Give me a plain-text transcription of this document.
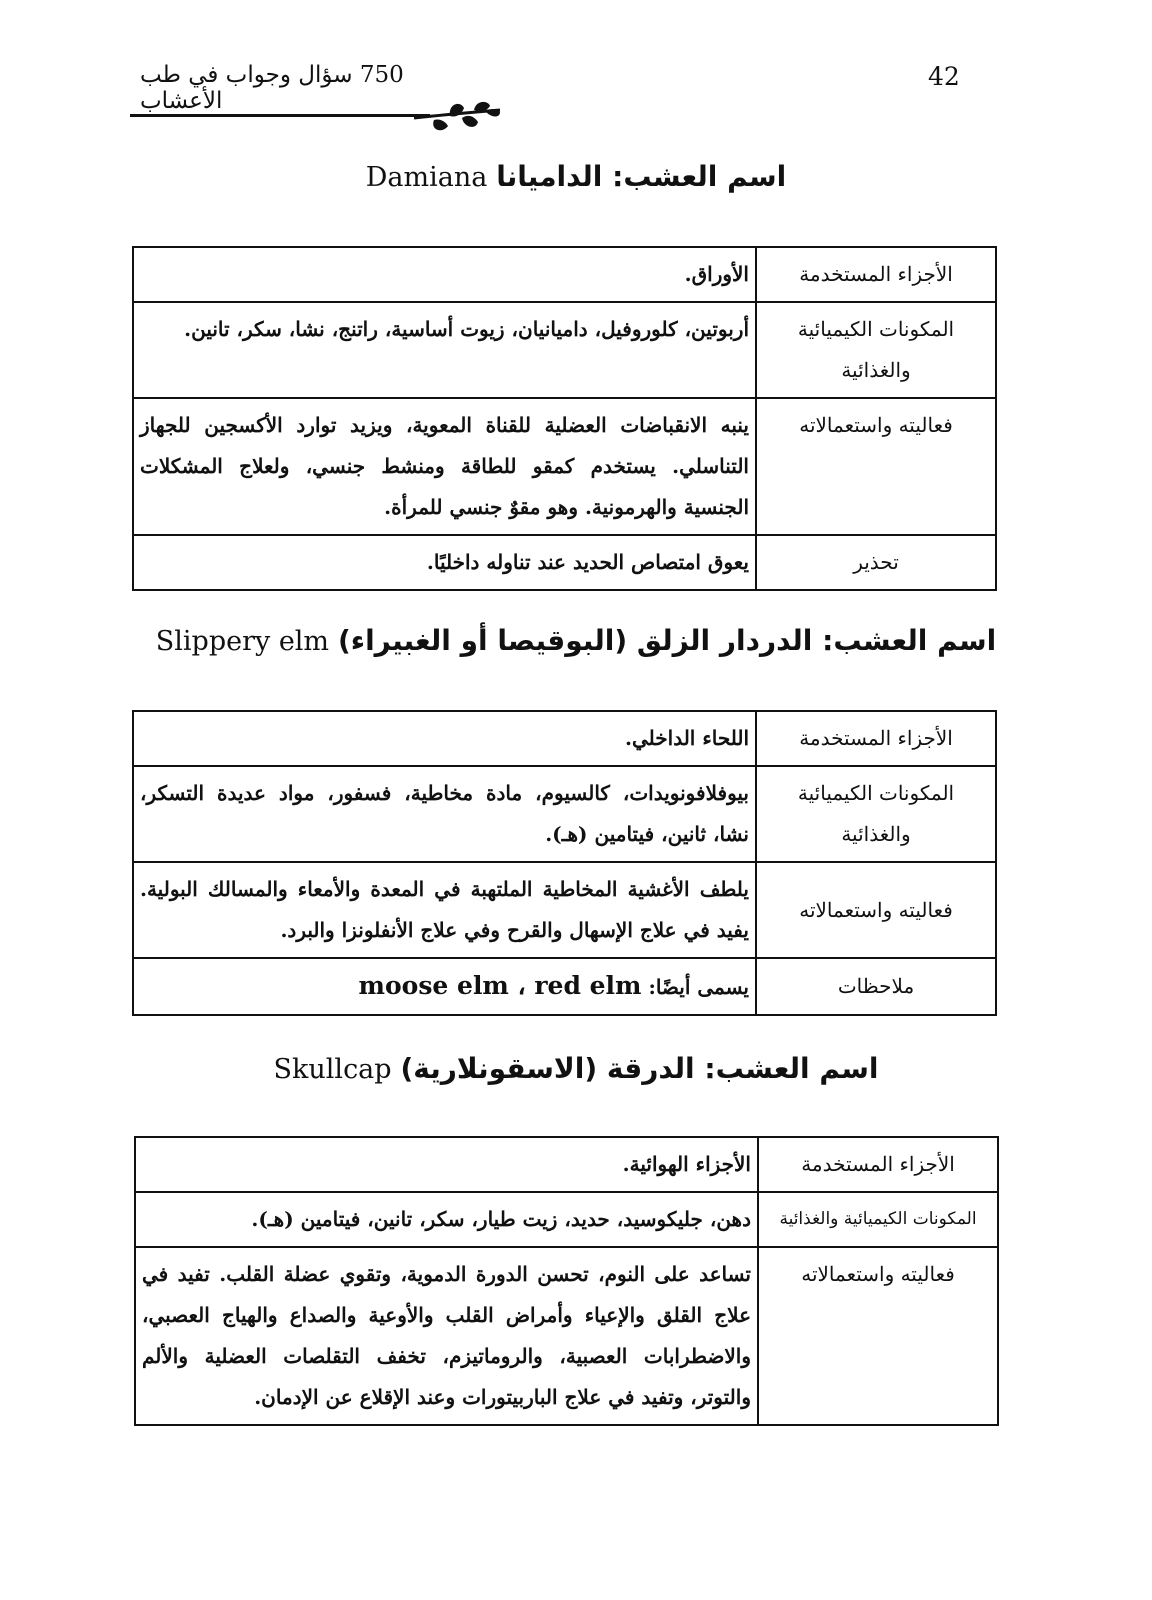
750 سؤال وجواب في طب الأعشاب
42
اسم العشب: الداميانا Damiana
الأجزاء المستخدمة	الأوراق.
المكونات الكيميائية والغذائية	أربوتين، كلوروفيل، دامیانیان، زیوت أساسیة، راتنج، نشا، سکر، تانین.
فعاليته واستعمالاته	ينبه الانقباضات العضلية للقناة المعوية، ويزيد توارد الأكسجين للجهاز التناسلي. يستخدم كمقو للطاقة ومنشط جنسي، ولعلاج المشكلات الجنسية والهرمونية. وهو مقوٌ جنسي للمرأة.
تحذير	يعوق امتصاص الحديد عند تناوله داخليًا.
اسم العشب: الدردار الزلق (البوقيصا أو الغبيراء) Slippery elm
الأجزاء المستخدمة	اللحاء الداخلي.
المكونات الكيميائية والغذائية	بيوفلافونويدات، كالسيوم، مادة مخاطية، فسفور، مواد عديدة التسكر، نشا، ثانين، فيتامين (هـ).
فعاليته واستعمالاته	يلطف الأغشية المخاطية الملتهبة في المعدة والأمعاء والمسالك البولية. يفيد في علاج الإسهال والقرح وفي علاج الأنفلونزا والبرد.
ملاحظات	يسمى أيضًا: moose elm ، red elm
اسم العشب: الدرقة (الاسقونلارية) Skullcap
الأجزاء المستخدمة	الأجزاء الهوائية.
المكونات الكيميائية والغذائية	دهن، جليكوسيد، حديد، زيت طيار، سكر، تانين، فيتامين (هـ).
فعاليته واستعمالاته	تساعد على النوم، تحسن الدورة الدموية، وتقوي عضلة القلب. تفيد في علاج القلق والإعياء وأمراض القلب والأوعية والصداع والهياج العصبي، والاضطرابات العصبية، والروماتيزم، تخفف التقلصات العضلية والألم والتوتر، وتفيد في علاج الباربيتورات وعند الإقلاع عن الإدمان.
